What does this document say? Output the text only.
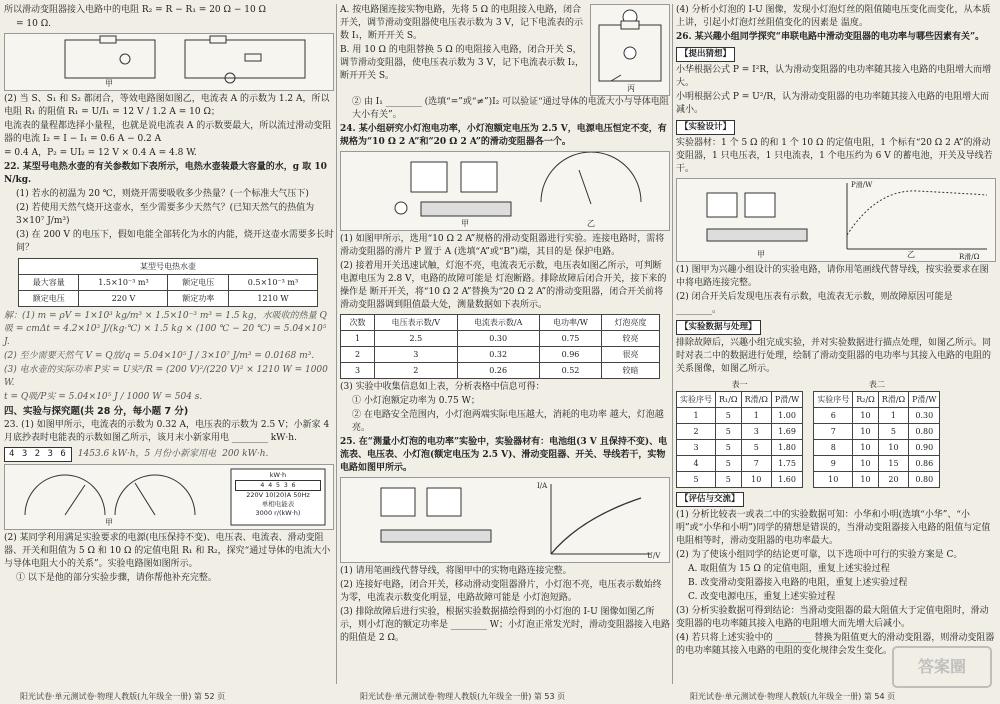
所以滑动变阻器接入电路中的电阻 R₂ = R − R₁ = 20 Ω − 10 Ω

= 10 Ω.

甲

(2) 当 S、S₁ 和 S₂ 都闭合，等效电路图如图乙，电流表 A 的示数为 1.2 A，所以电阻 R₁ 的阻值 R₁ = U/I₁ = 12 V / 1.2 A = 10 Ω；

电流表的量程都选择小量程，也就是说电流表 A 的示数要最大，所以流过滑动变阻器的电流 I₂ = I − I₁ = 0.6 A − 0.2 A

= 0.4 A，P₂ = UI₂ = 12 V × 0.4 A = 4.8 W.

22. 某型号电热水壶的有关参数如下表所示，电热水壶装最大容量的水，g 取 10 N/kg.

(1) 若水的初温为 20 ℃，则烧开需要吸收多少热量？(一个标准大气压下)

(2) 若使用天然气烧开这壶水，至少需要多少天然气？(已知天然气的热值为 3×10⁷ J/m³)

(3) 在 200 V 的电压下，假如电能全部转化为水的内能，烧开这壶水需要多长时间？

某型号电热水壶			
最大容量	1.5×10⁻³ m³	额定电压	0.5×10⁻³ m³
额定电压	220 V	额定功率	1210 W

解：(1) m = ρV = 1×10³ kg/m³ × 1.5×10⁻³ m³ = 1.5 kg，水吸收的热量 Q吸 = cmΔt = 4.2×10³ J/(kg·℃) × 1.5 kg × (100 ℃ − 20 ℃) = 5.04×10⁵ J.

(2) 至少需要天然气 V = Q放/q = 5.04×10⁵ J / 3×10⁷ J/m³ = 0.0168 m³.

(3) 电水壶的实际功率 P实 = U实²/R = (200 V)²/(220 V)² × 1210 W = 1000 W.

t = Q吸/P实 = 5.04×10⁵ J / 1000 W = 504 s.

四、实验与探究题(共 28 分，每小题 7 分)

23. (1) 如图甲所示，电流表的示数为 0.32 A，电压表的示数为 2.5 V；小新家 4 月底抄表时电能表的示数如图乙所示，该月末小新家用电 ________ kW·h.

4 3 2 3 6	1453.6 kW·h，5 月份小新家用电 200 kW·h.
kW·h
4 4 5 3 6
220V 10(20)A 50Hz
单相电能表
3000 r/(kW·h)
甲

(2) 某同学利用满足实验要求的电源(电压保持不变)、电压表、电流表、滑动变阻器、开关和阻值为 5 Ω 和 10 Ω 的定值电阻 R₁ 和 R₂，探究“通过导体的电流大小与导体电阻大小的关系”。实验电路图如图所示。

① 以下是他的部分实验步骤，请你帮他补充完整。

阳光试卷·单元测试卷·物理人教版(九年级全一册) 第 52 页

A. 按电路图连接实物电路，先将 5 Ω 的电阻接入电路，闭合开关，调节滑动变阻器使电压表示数为 3 V，记下电流表的示数 I₁，断开开关 S。

B. 用 10 Ω 的电阻替换 5 Ω 的电阻接入电路，闭合开关 S，调节滑动变阻器，使电压表示数为 3 V，记下电流表示数 I₂，断开开关 S。

丙

② 由 I₁ ________ (选填“=”或“≠”)I₂ 可以验证“通过导体的电流大小与导体电阻大小有关”。

24. 某小组研究小灯泡电功率，小灯泡额定电压为 2.5 V，电源电压恒定不变，有规格为“10 Ω 2 A”和“20 Ω 2 A”的滑动变阻器各一个。

甲	乙

(1) 如图甲所示，选用“10 Ω 2 A”规格的滑动变阻器进行实验。连接电路时，需将滑动变阻器的滑片 P 置于 A (选填“A”或“B”)端，其目的是 保护电路。

(2) 接着用开关迅速试触，灯泡不亮，电流表无示数，电压表如图乙所示，可判断电源电压为 2.8 V，电路的故障可能是 灯泡断路。排除故障后闭合开关，接下来的操作是 断开开关，将“10 Ω 2 A”替换为“20 Ω 2 A”的滑动变阻器，闭合开关前将滑动变阻器调到阻值最大处，测量数据如下表所示。

次数	电压表示数/V	电流表示数/A	电功率/W	灯泡亮度
1	2.5	0.30	0.75	较亮
2	3	0.32	0.96	很亮
3	2	0.26	0.52	较暗

(3) 实验中收集信息如上表，分析表格中信息可得：

① 小灯泡额定功率为 0.75 W；

② 在电路安全范围内，小灯泡两端实际电压越大，消耗的电功率 越大，灯泡越亮。

25. 在“测量小灯泡的电功率”实验中，实验器材有：电池组(3 V 且保持不变)、电流表、电压表、小灯泡(额定电压为 2.5 V)、滑动变阻器、开关、导线若干，实物电路如图甲所示。

I/A
U/V

(1) 请用笔画线代替导线，将图甲中的实物电路连接完整。

(2) 连接好电路，闭合开关，移动滑动变阻器滑片，小灯泡不亮，电压表示数始终为零，电流表示数变化明显，电路故障可能是 小灯泡短路。

(3) 排除故障后进行实验，根据实验数据描绘得到的小灯泡的 I-U 图像如图乙所示，则小灯泡的额定功率是 ________ W；小灯泡正常发光时，滑动变阻器接入电路的阻值是 2 Ω。

阳光试卷·单元测试卷·物理人教版(九年级全一册) 第 53 页

(4) 分析小灯泡的 I-U 图像，发现小灯泡灯丝的阻值随电压变化而变化，从本质上讲，引起小灯泡灯丝阻值变化的因素是 温度。

26. 某兴趣小组同学探究“串联电路中滑动变阻器的电功率与哪些因素有关”。

【提出猜想】

小华根据公式 P = I²R，认为滑动变阻器的电功率随其接入电路的电阻增大而增大。

小明根据公式 P = U²/R，认为滑动变阻器的电功率随其接入电路的电阻增大而减小。

【实验设计】

实验器材：1 个 5 Ω 的和 1 个 10 Ω 的定值电阻，1 个标有“20 Ω 2 A”的滑动变阻器，1 只电压表，1 只电流表，1 个电压约为 6 V 的蓄电池，开关及导线若干。

P滑/W
R滑/Ω
甲	乙

(1) 图甲为兴趣小组设计的实验电路，请你用笔画线代替导线，按实验要求在图中将电路连接完整。

(2) 闭合开关后发现电压表有示数，电流表无示数，则故障原因可能是 ________。

【实验数据与处理】

排除故障后，兴趣小组完成实验，并对实验数据进行描点处理，如图乙所示。同时对表二中的数据进行处理，绘制了滑动变阻器的电功率与其接入电路的电阻的关系图像，如图乙所示。

表一
实验序号	R₁/Ω	R滑/Ω	P滑/W
1	5	1	1.00
2	5	3	1.69
3	5	5	1.80
4	5	7	1.75
5	5	10	1.60
表二
实验序号	R₂/Ω	R滑/Ω	P滑/W
6	10	1	0.30
7	10	5	0.80
8	10	10	0.90
9	10	15	0.86
10	10	20	0.80
【评估与交流】

(1) 分析比较表一或表二中的实验数据可知：小华和小明(选填“小华”、“小明”或“小华和小明”)同学的猜想是错误的，当滑动变阻器接入电路的阻值与定值电阻相等时，滑动变阻器的电功率最大。

(2) 为了使该小组同学的结论更可靠，以下选项中可行的实验方案是 C。

A. 取阻值为 15 Ω 的定值电阻，重复上述实验过程

B. 改变滑动变阻器接入电路的电阻，重复上述实验过程

C. 改变电源电压，重复上述实验过程

(3) 分析实验数据可得到结论：当滑动变阻器的最大阻值大于定值电阻时，滑动变阻器的电功率随其接入电路的电阻增大而先增大后减小。

(4) 若只将上述实验中的 ________ 替换为阻值更大的滑动变阻器，则滑动变阻器的电功率随其接入电路的电阻的变化规律会发生变化。

答案圈
阳光试卷·单元测试卷·物理人教版(九年级全一册) 第 54 页
